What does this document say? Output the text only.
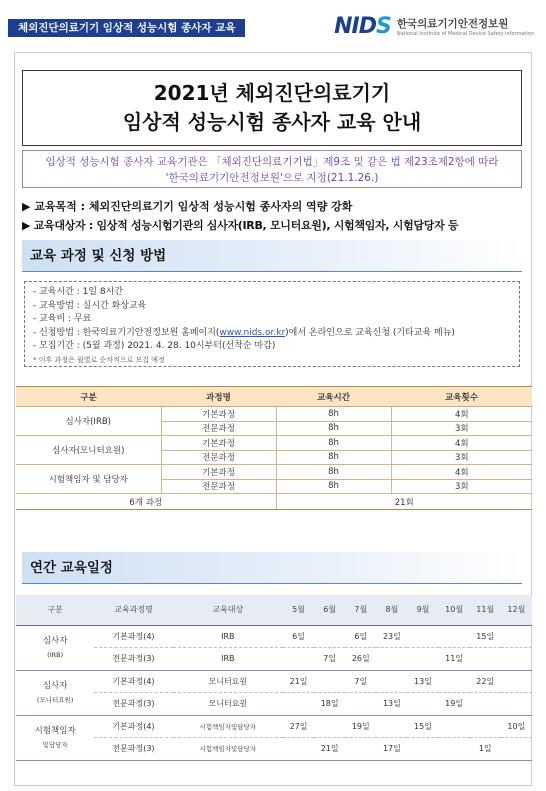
체외진단의료기기 임상적 성능시험 종사자 교육	NIDS 한국의료기기안전정보원
National Institute of Medical Device Safety Information
2021년 체외진단의료기기
임상적 성능시험 종사자 교육 안내
임상적 성능시험 종사자 교육기관은 「체외진단의료기기법」제9조 및 같은 법 제23조제2항에 따라
'한국의료기기안전정보원'으로 지정(21.1.26.)
▶ 교육목적 : 체외진단의료기기 임상적 성능시험 종사자의 역량 강화
▶ 교육대상자 : 임상적 성능시험기관의 심사자(IRB, 모니터요원), 시험책임자, 시험담당자 등
교육 과정 및 신청 방법
- 교육시간 : 1일 8시간
- 교육방법 : 실시간 화상교육
- 교육비 : 무료
- 신청방법 : 한국의료기기안전정보원 홈페이지(www.nids.or.kr)에서 온라인으로 교육신청 (기타교육 메뉴)
- 모집기간 : (5월 과정) 2021. 4. 28. 10시부터(선착순 마감)
* 이후 과정은 월별로 순차적으로 모집 예정
구분	과정명	교육시간	교육횟수
심사자(IRB)	기본과정	8h	4회
	전문과정	8h	3회
심사자(모니터요원)	기본과정	8h	4회
	전문과정	8h	3회
시험책임자 및 담당자	기본과정	8h	4회
	전문과정	8h	3회
6개 과정		21회	
연간 교육일정
구분	교육과정명	교육대상	5월	6월	7월	8월	9월	10월	11월	12월

심사자
(IRB)	기본과정(4)	IRB	6일		6일	23일			15일	
	전문과정(3)	IRB		7일	26일			11일		

심사자
(모니터요원)	기본과정(4)	모니터요원	21일		7일		13일		22일	
	전문과정(3)	모니터요원		18일		13일		19일		

시험책임자
및담당자	기본과정(4)	시험책임자및담당자	27일		19일		15일			10일
	전문과정(3)	시험책임자및담당자		21일		17일			1일	
